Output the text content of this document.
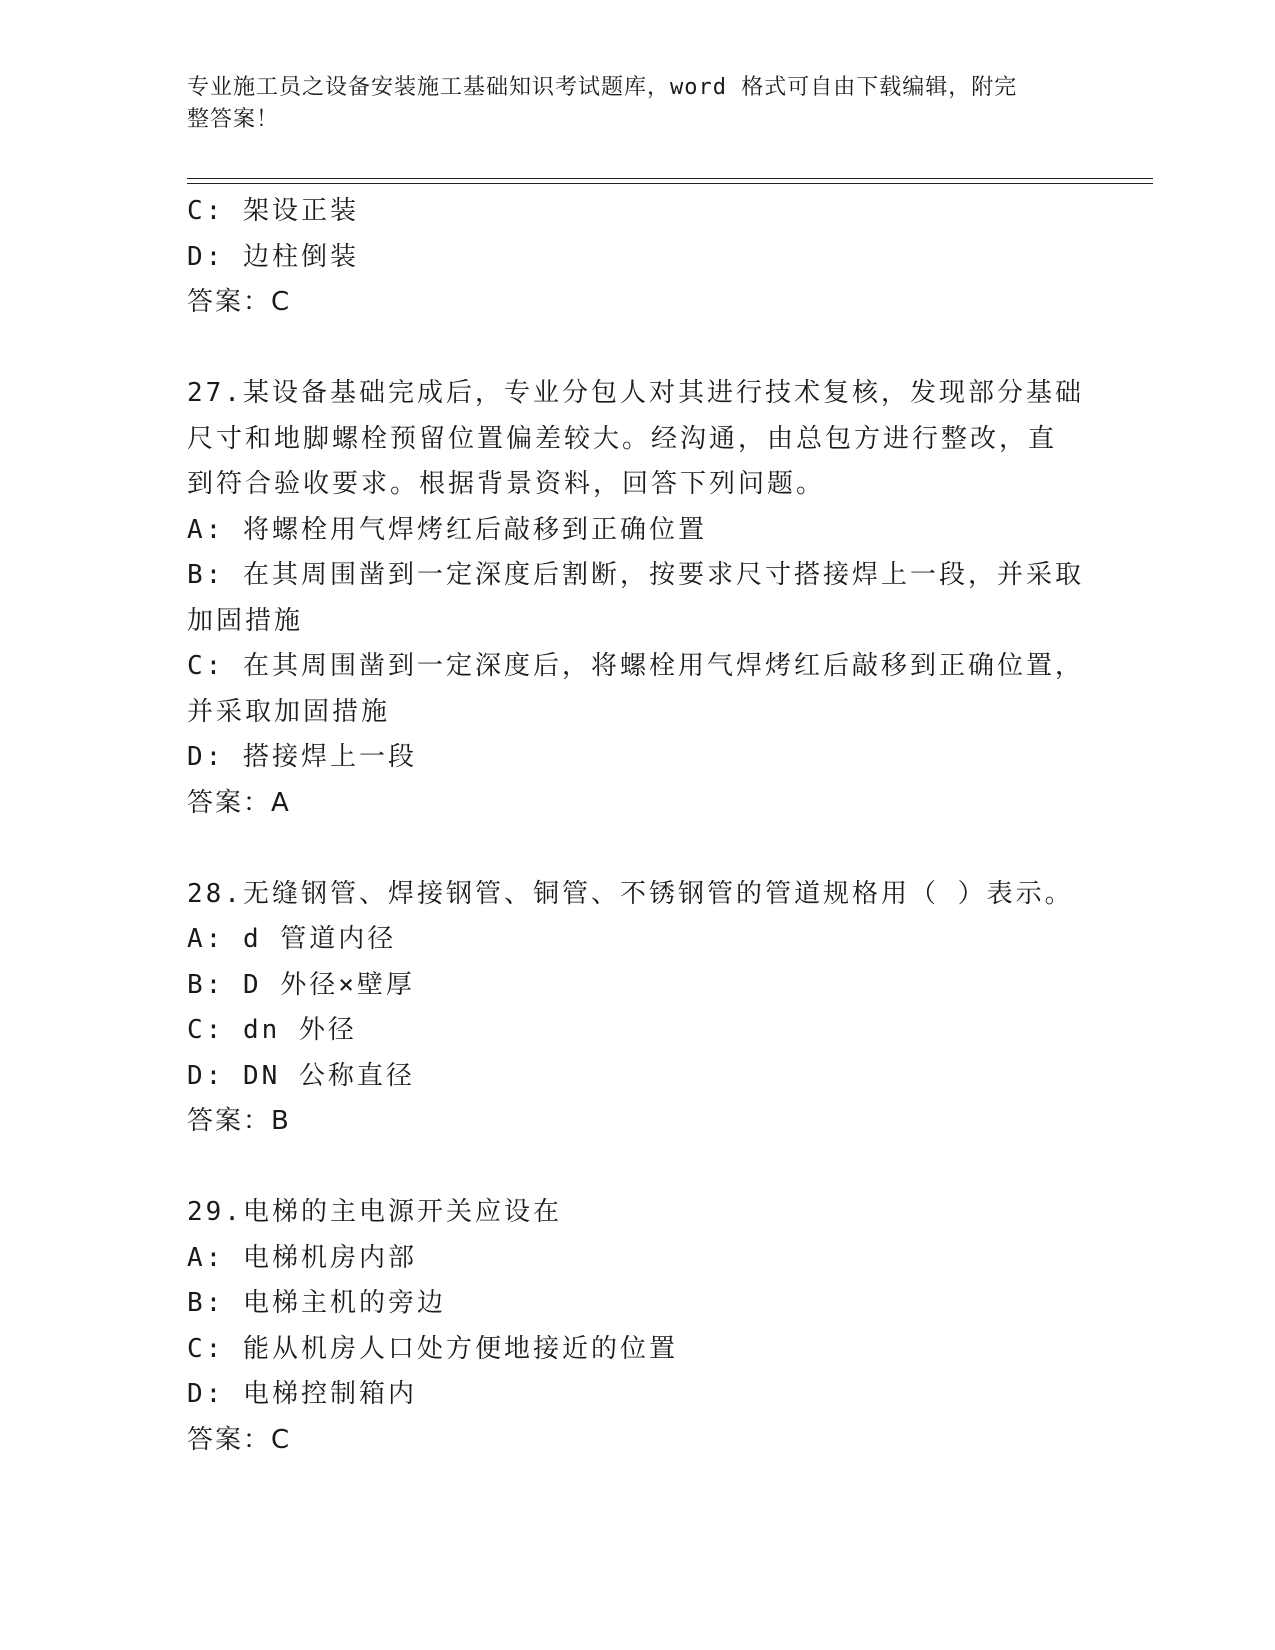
专业施工员之设备安装施工基础知识考试题库，word 格式可自由下载编辑，附完
整答案！
C: 架设正装
D: 边柱倒装
答案：C
27.某设备基础完成后，专业分包人对其进行技术复核，发现部分基础
尺寸和地脚螺栓预留位置偏差较大。经沟通，由总包方进行整改，直
到符合验收要求。根据背景资料，回答下列问题。
A: 将螺栓用气焊烤红后敲移到正确位置
B: 在其周围凿到一定深度后割断，按要求尺寸搭接焊上一段，并采取
加固措施
C: 在其周围凿到一定深度后，将螺栓用气焊烤红后敲移到正确位置，
并采取加固措施
D: 搭接焊上一段
答案：A
28.无缝钢管、焊接钢管、铜管、不锈钢管的管道规格用（ ）表示。
A: d 管道内径
B: D 外径×壁厚
C: dn 外径
D: DN 公称直径
答案：B
29.电梯的主电源开关应设在
A: 电梯机房内部
B: 电梯主机的旁边
C: 能从机房人口处方便地接近的位置
D: 电梯控制箱内
答案：C
